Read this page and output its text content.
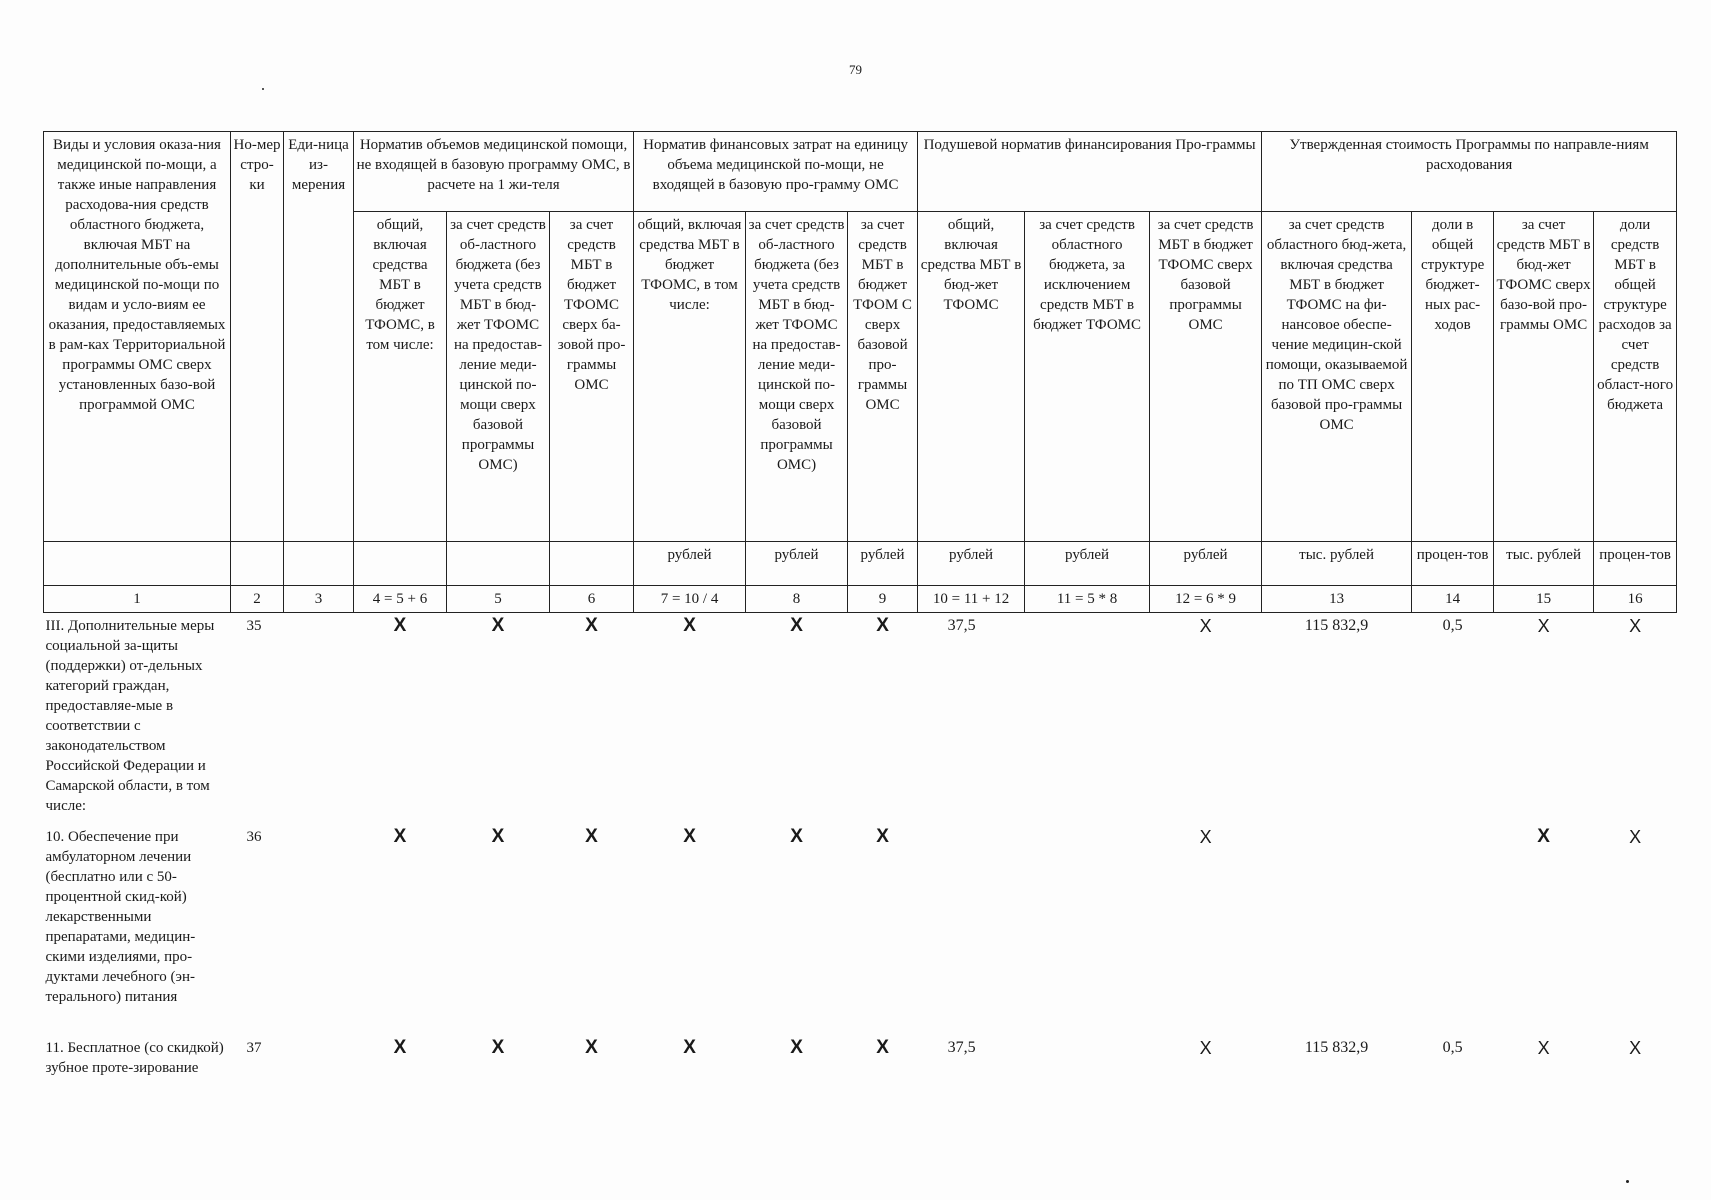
79
Виды и условия оказа-ния медицинской по-мощи, а также иные направления расходова-ния средств областного бюджета, включая МБТ на дополнительные объ-емы медицинской по-мощи по видам и усло-виям ее оказания, предоставляемых в рам-ках Территориальной программы ОМС сверх установленных базо-вой программой ОМС	Но-мер стро-ки	Еди-ница из-мерения	Норматив объемов медицинской помощи, не входящей в базовую программу ОМС, в расчете на 1 жи-теля			Норматив финансовых затрат на единицу объема медицинской по-мощи, не входящей в базовую про-грамму ОМС			Подушевой норматив финансирования Про-граммы			Утвержденная стоимость Программы по направле-ниям расходования			
			общий, включая средства МБТ в бюджет ТФОМС, в том числе:	за счет средств об-ластного бюджета (без учета средств МБТ в бюд-жет ТФОМС на предостав-ление меди-цинской по-мощи сверх базовой программы ОМС)	за счет средств МБТ в бюджет ТФОМС сверх ба-зовой про-граммы ОМС	общий, включая средства МБТ в бюджет ТФОМС, в том числе:	за счет средств об-ластного бюджета (без учета средств МБТ в бюд-жет ТФОМС на предостав-ление меди-цинской по-мощи сверх базовой программы ОМС)	за счет средств МБТ в бюджет ТФОМ С сверх базовой про-граммы ОМС	общий, включая средства МБТ в бюд-жет ТФОМС	за счет средств областного бюджета, за исключением средств МБТ в бюджет ТФОМС	за счет средств МБТ в бюджет ТФОМС сверх базовой программы ОМС	за счет средств областного бюд-жета, включая средства МБТ в бюджет ТФОМС на фи-нансовое обеспе-чение медицин-ской помощи, оказываемой по ТП ОМС сверх базовой про-граммы ОМС	доли в общей структуре бюджет-ных рас-ходов	за счет средств МБТ в бюд-жет ТФОМС сверх базо-вой про-граммы ОМС	доли средств МБТ в общей структуре расходов за счет средств област-ного бюджета
						рублей	рублей	рублей	рублей	рублей	рублей	тыс. рублей	процен-тов	тыс. рублей	процен-тов
1	2	3	4 = 5 + 6	5	6	7 = 10 / 4	8	9	10 = 11 + 12	11 = 5 * 8	12 = 6 * 9	13	14	15	16
III. Дополнительные меры социальной за-щиты (поддержки) от-дельных категорий граждан, предоставляе-мые в соответствии с законодательством Российской Федерации и Самарской области, в том числе:	35		X	X	X	X	X	X	37,5		X	115 832,9	0,5	X	X
10. Обеспечение при амбулаторном лечении (бесплатно или с 50-процентной скид-кой) лекарственными препаратами, медицин-скими изделиями, про-дуктами лечебного (эн-терального) питания	36		X	X	X	X	X	X			X			X	X
11. Бесплатное (со скидкой) зубное проте-зирование	37		X	X	X	X	X	X	37,5		X	115 832,9	0,5	X	X
